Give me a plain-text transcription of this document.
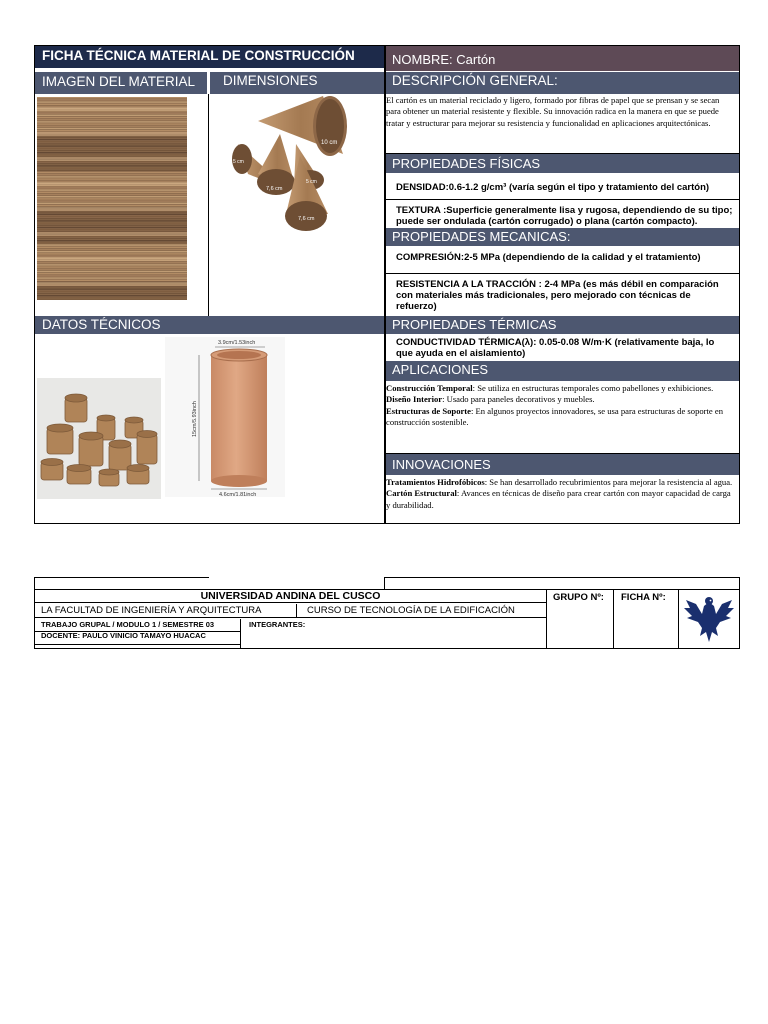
FICHA TÉCNICA MATERIAL DE CONSTRUCCIÓN	NOMBRE: Cartón
IMAGEN DEL MATERIAL	DIMENSIONES	DESCRIPCIÓN GENERAL:
10 cm
5 cm
7,6 cm
5 cm
7,6 cm
DATOS TÉCNICOS
3.9cm/1.53inch
15cm/5.93inch
4.6cm/1.81inch
El cartón es un material reciclado y ligero, formado por fibras de papel que se prensan y se secan para obtener un material resistente y flexible. Su innovación radica en la manera en que se puede tratar y estructurar para mejorar su resistencia y funcionalidad en aplicaciones arquitectónicas.
PROPIEDADES FÍSICAS
DENSIDAD:0.6-1.2 g/cm³ (varía según el tipo y tratamiento del cartón)
TEXTURA :Superficie generalmente lisa y rugosa, dependiendo de su tipo; puede ser ondulada (cartón corrugado) o plana (cartón compacto).
PROPIEDADES MECANICAS:
COMPRESIÓN:2-5 MPa (dependiendo de la calidad y el tratamiento)
RESISTENCIA A LA TRACCIÓN : 2-4 MPa (es más débil en comparación con materiales más tradicionales, pero mejorado con técnicas de refuerzo)
PROPIEDADES TÉRMICAS
CONDUCTIVIDAD TÉRMICA(λ): 0.05-0.08 W/m·K (relativamente baja, lo que ayuda en el aislamiento)
APLICACIONES
Construcción Temporal: Se utiliza en estructuras temporales como pabellones y exhibiciones.
Diseño Interior: Usado para paneles decorativos y muebles.
Estructuras de Soporte: En algunos proyectos innovadores, se usa para estructuras de soporte en construcción sostenible.
INNOVACIONES
Tratamientos Hidrofóbicos: Se han desarrollado recubrimientos para mejorar la resistencia al agua.
Cartón Estructural: Avances en técnicas de diseño para crear cartón con mayor capacidad de carga y durabilidad.
UNIVERSIDAD ANDINA DEL CUSCO
LA FACULTAD DE INGENIERÍA Y ARQUITECTURA	CURSO DE TECNOLOGÍA DE LA EDIFICACIÓN
TRABAJO GRUPAL / MODULO 1 / SEMESTRE 03	INTEGRANTES:
DOCENTE: PAULO VINICIO TAMAYO HUACAC
GRUPO Nº:	FICHA Nº:
